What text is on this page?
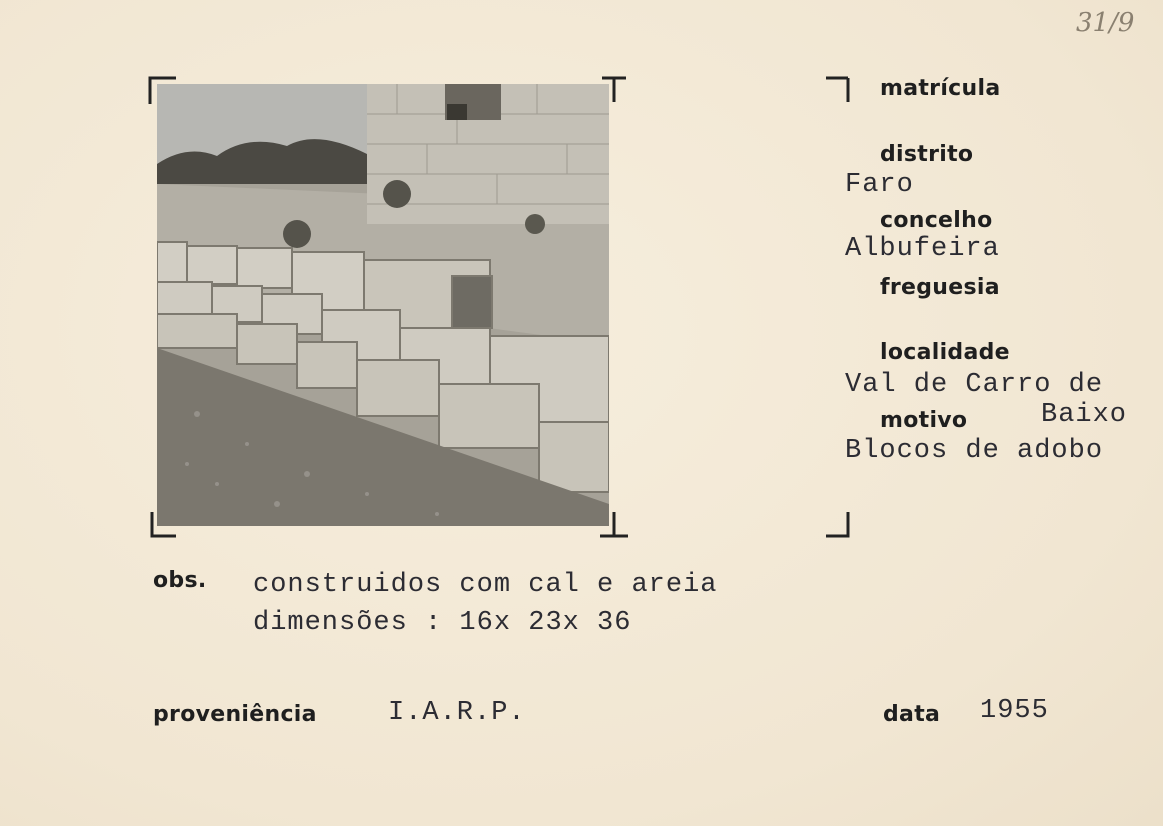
31/9
matrícula
distrito
concelho
freguesia
localidade
motivo
Faro
Albufeira
Val de Carro de
Baixo
Blocos de adobo
obs. construidos com cal e areia
dimensões : 16x 23x 36
proveniência	I.A.R.P.	data 1955
